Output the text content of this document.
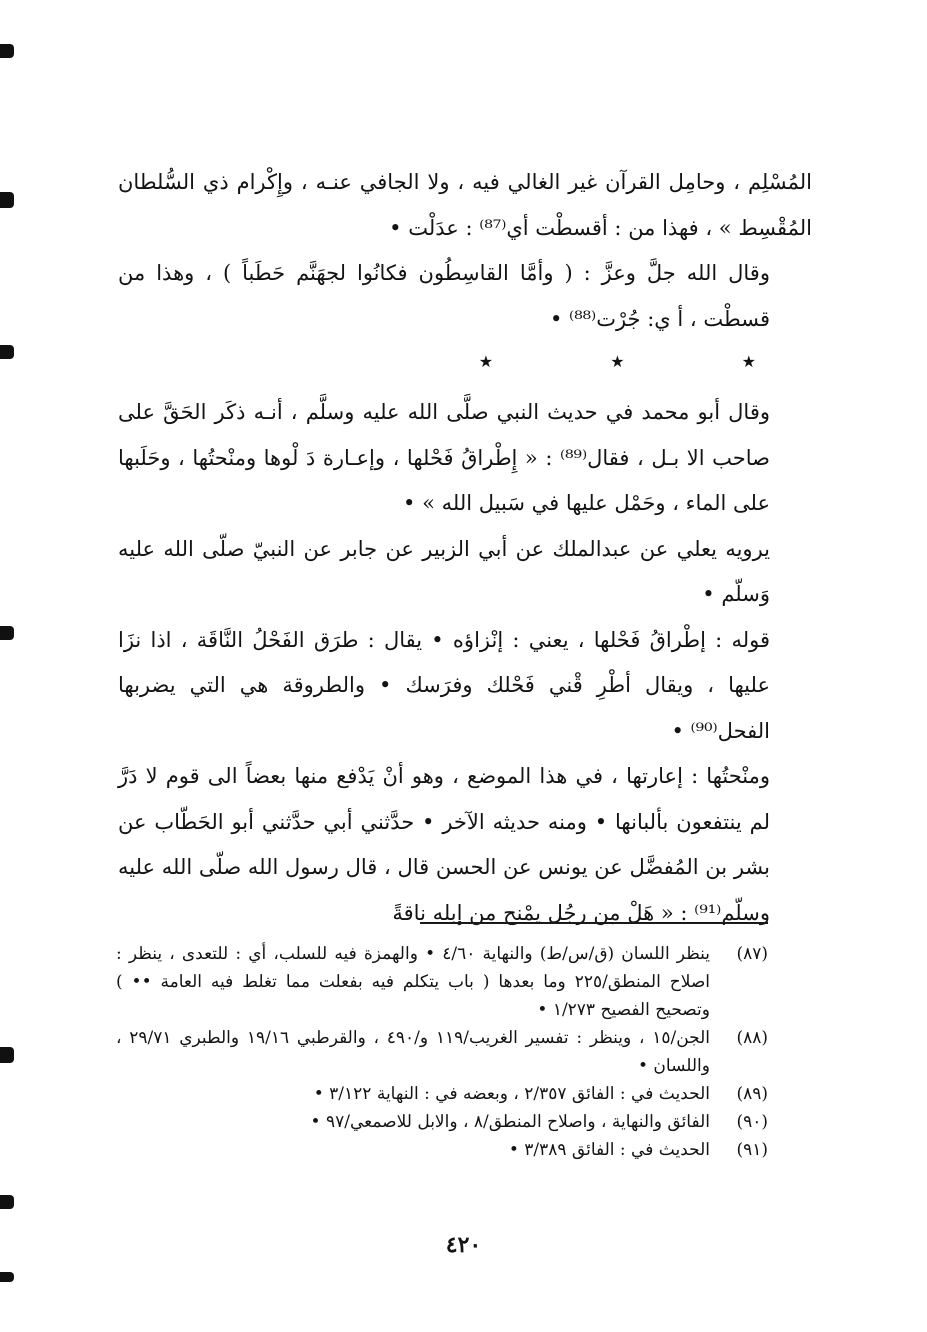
المُسْلِم ، وحامِل القرآن غير الغالي فيه ، ولا الجافي عنـه ، وإِكْرام ذي السُّلطان المُقْسِط » ، فهذا من : أقسطْت أي⁽⁸⁷⁾ : عدَلْت •

وقال الله جلَّ وعزَّ : ( وأمَّا القاسِطُون فكانُوا لجهَنَّم حَطَباً ) ، وهذا من قسطْت ، أ ي: جُرْت⁽⁸⁸⁾ •

★ ★ ★

وقال أبو محمد في حديث النبي صلَّى الله عليه وسلَّم ، أنـه ذكَر الحَقَّ على صاحب الا بـل ، فقال⁽⁸⁹⁾ : « إِطْراقُ فَحْلها ، وإعـارة دَ لْوها ومنْحتُها ، وحَلَبها على الماء ، وحَمْل عليها في سَبيل الله » •

يرويه يعلي عن عبدالملك عن أبي الزبير عن جابر عن النبيّ صلّى الله عليه وَسلّم •

قوله : إطْراقُ فَحْلها ، يعني : إنْزاؤه • يقال : طرَق الفَحْلُ النَّاقَة ، اذا نزَا عليها ، ويقال أطْرِ قْني فَحْلك وفرَسك • والطروقة هي التي يضربها الفحل⁽⁹⁰⁾ •

ومنْحتُها : إعارتها ، في هذا الموضع ، وهو أنْ يَدْفع منها بعضاً الى قوم لا دَرَّ لم ينتفعون بألبانها • ومنه حديثه الآخر • حدَّثني أبي حدَّثني أبو الحَطّاب عن بشر بن المُفضَّل عن يونس عن الحسن قال ، قال رسول الله صلّى الله عليه وسلّم⁽⁹¹⁾ : « هَلْ مِن رجُل يمْنح من إبله ناقةً

(٨٧)
ينظر اللسان (ق/س/ط) والنهاية ٤/٦٠ • والهمزة فيه للسلب، أي : للتعدى ، ينظر : اصلاح المنطق/٢٢٥ وما بعدها ( باب يتكلم فيه بفعلت مما تغلط فيه العامة •• ) وتصحيح الفصيح ١/٢٧٣ •
(٨٨)
الجن/١٥ ، وينظر : تفسير الغريب/١١٩ و/٤٩٠ ، والقرطبي ١٩/١٦ والطبري ٢٩/٧١ ، واللسان •
(٨٩)
الحديث في : الفائق ٢/٣٥٧ ، وبعضه في : النهاية ٣/١٢٢ •
(٩٠)
الفائق والنهاية ، واصلاح المنطق/٨ ، والابل للاصمعي/٩٧ •
(٩١)
الحديث في : الفائق ٣/٣٨٩ •
٤٢٠
